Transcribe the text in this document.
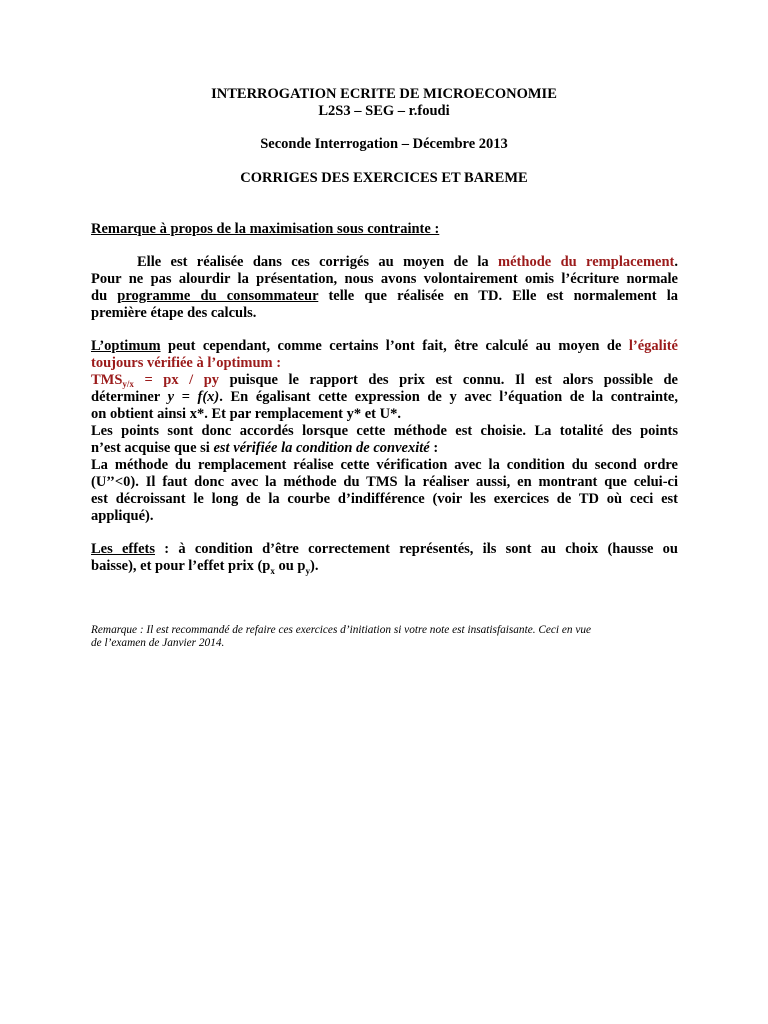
INTERROGATION ECRITE DE MICROECONOMIE
L2S3 – SEG – r.foudi
Seconde Interrogation – Décembre 2013
CORRIGES DES EXERCICES ET BAREME
Remarque à propos de la maximisation sous contrainte :
Elle est réalisée dans ces corrigés au moyen de la méthode du remplacement.
Pour ne pas alourdir la présentation, nous avons volontairement omis l’écriture normale
du programme du consommateur telle que réalisée en TD. Elle est normalement la
première étape des calculs.
L’optimum peut cependant, comme certains l’ont fait, être calculé au moyen de l’égalité
toujours vérifiée à l’optimum :
$TMS_{y/x}$ = px / py puisque le rapport des prix est connu. Il est alors possible de
déterminer y = f(x). En égalisant cette expression de y avec l’équation de la contrainte,
on obtient ainsi x*. Et par remplacement y* et U*.
Les points sont donc accordés lorsque cette méthode est choisie. La totalité des points
n’est acquise que si est vérifiée la condition de convexité :
La méthode du remplacement réalise cette vérification avec la condition du second ordre
(U’’<0). Il faut donc avec la méthode du TMS la réaliser aussi, en montrant que celui-ci
est décroissant le long de la courbe d’indifférence (voir les exercices de TD où ceci est
appliqué).
Les effets : à condition d’être correctement représentés, ils sont au choix (hausse ou
baisse), et pour l’effet prix ($p_x$ ou $p_y$).
Remarque : Il est recommandé de refaire ces exercices d’initiation si votre note est insatisfaisante. Ceci en vue
de l’examen de Janvier 2014.
